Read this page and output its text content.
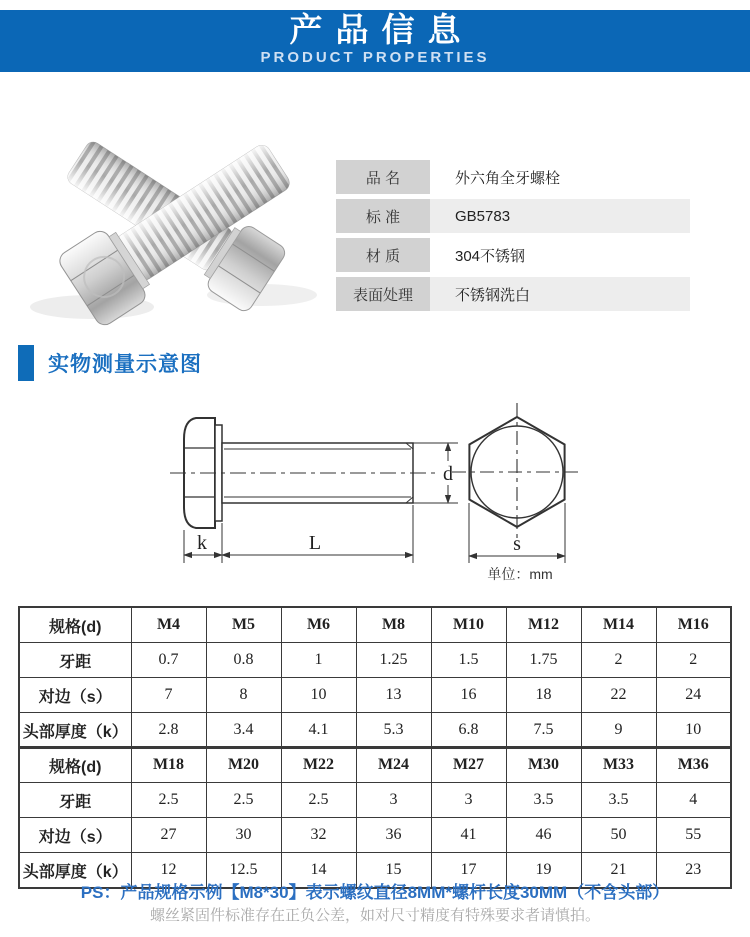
产品信息
PRODUCT PROPERTIES
品 名	外六角全牙螺栓
标 准	GB5783
材 质	304不锈钢
表面处理	不锈钢洗白
实物测量示意图
k	L
d
s
单位：mm
规格(d)	M4	M5	M6	M8	M10	M12	M14	M16
牙距	0.7	0.8	1	1.25	1.5	1.75	2	2
对边（s）	7	8	10	13	16	18	22	24
头部厚度（k）	2.8	3.4	4.1	5.3	6.8	7.5	9	10
规格(d)	M18	M20	M22	M24	M27	M30	M33	M36
牙距	2.5	2.5	2.5	3	3	3.5	3.5	4
对边（s）	27	30	32	36	41	46	50	55
头部厚度（k）	12	12.5	14	15	17	19	21	23
PS：产品规格示例【M8*30】表示螺纹直径8MM*螺杆长度30MM（不含头部）
螺丝紧固件标准存在正负公差，如对尺寸精度有特殊要求者请慎拍。
